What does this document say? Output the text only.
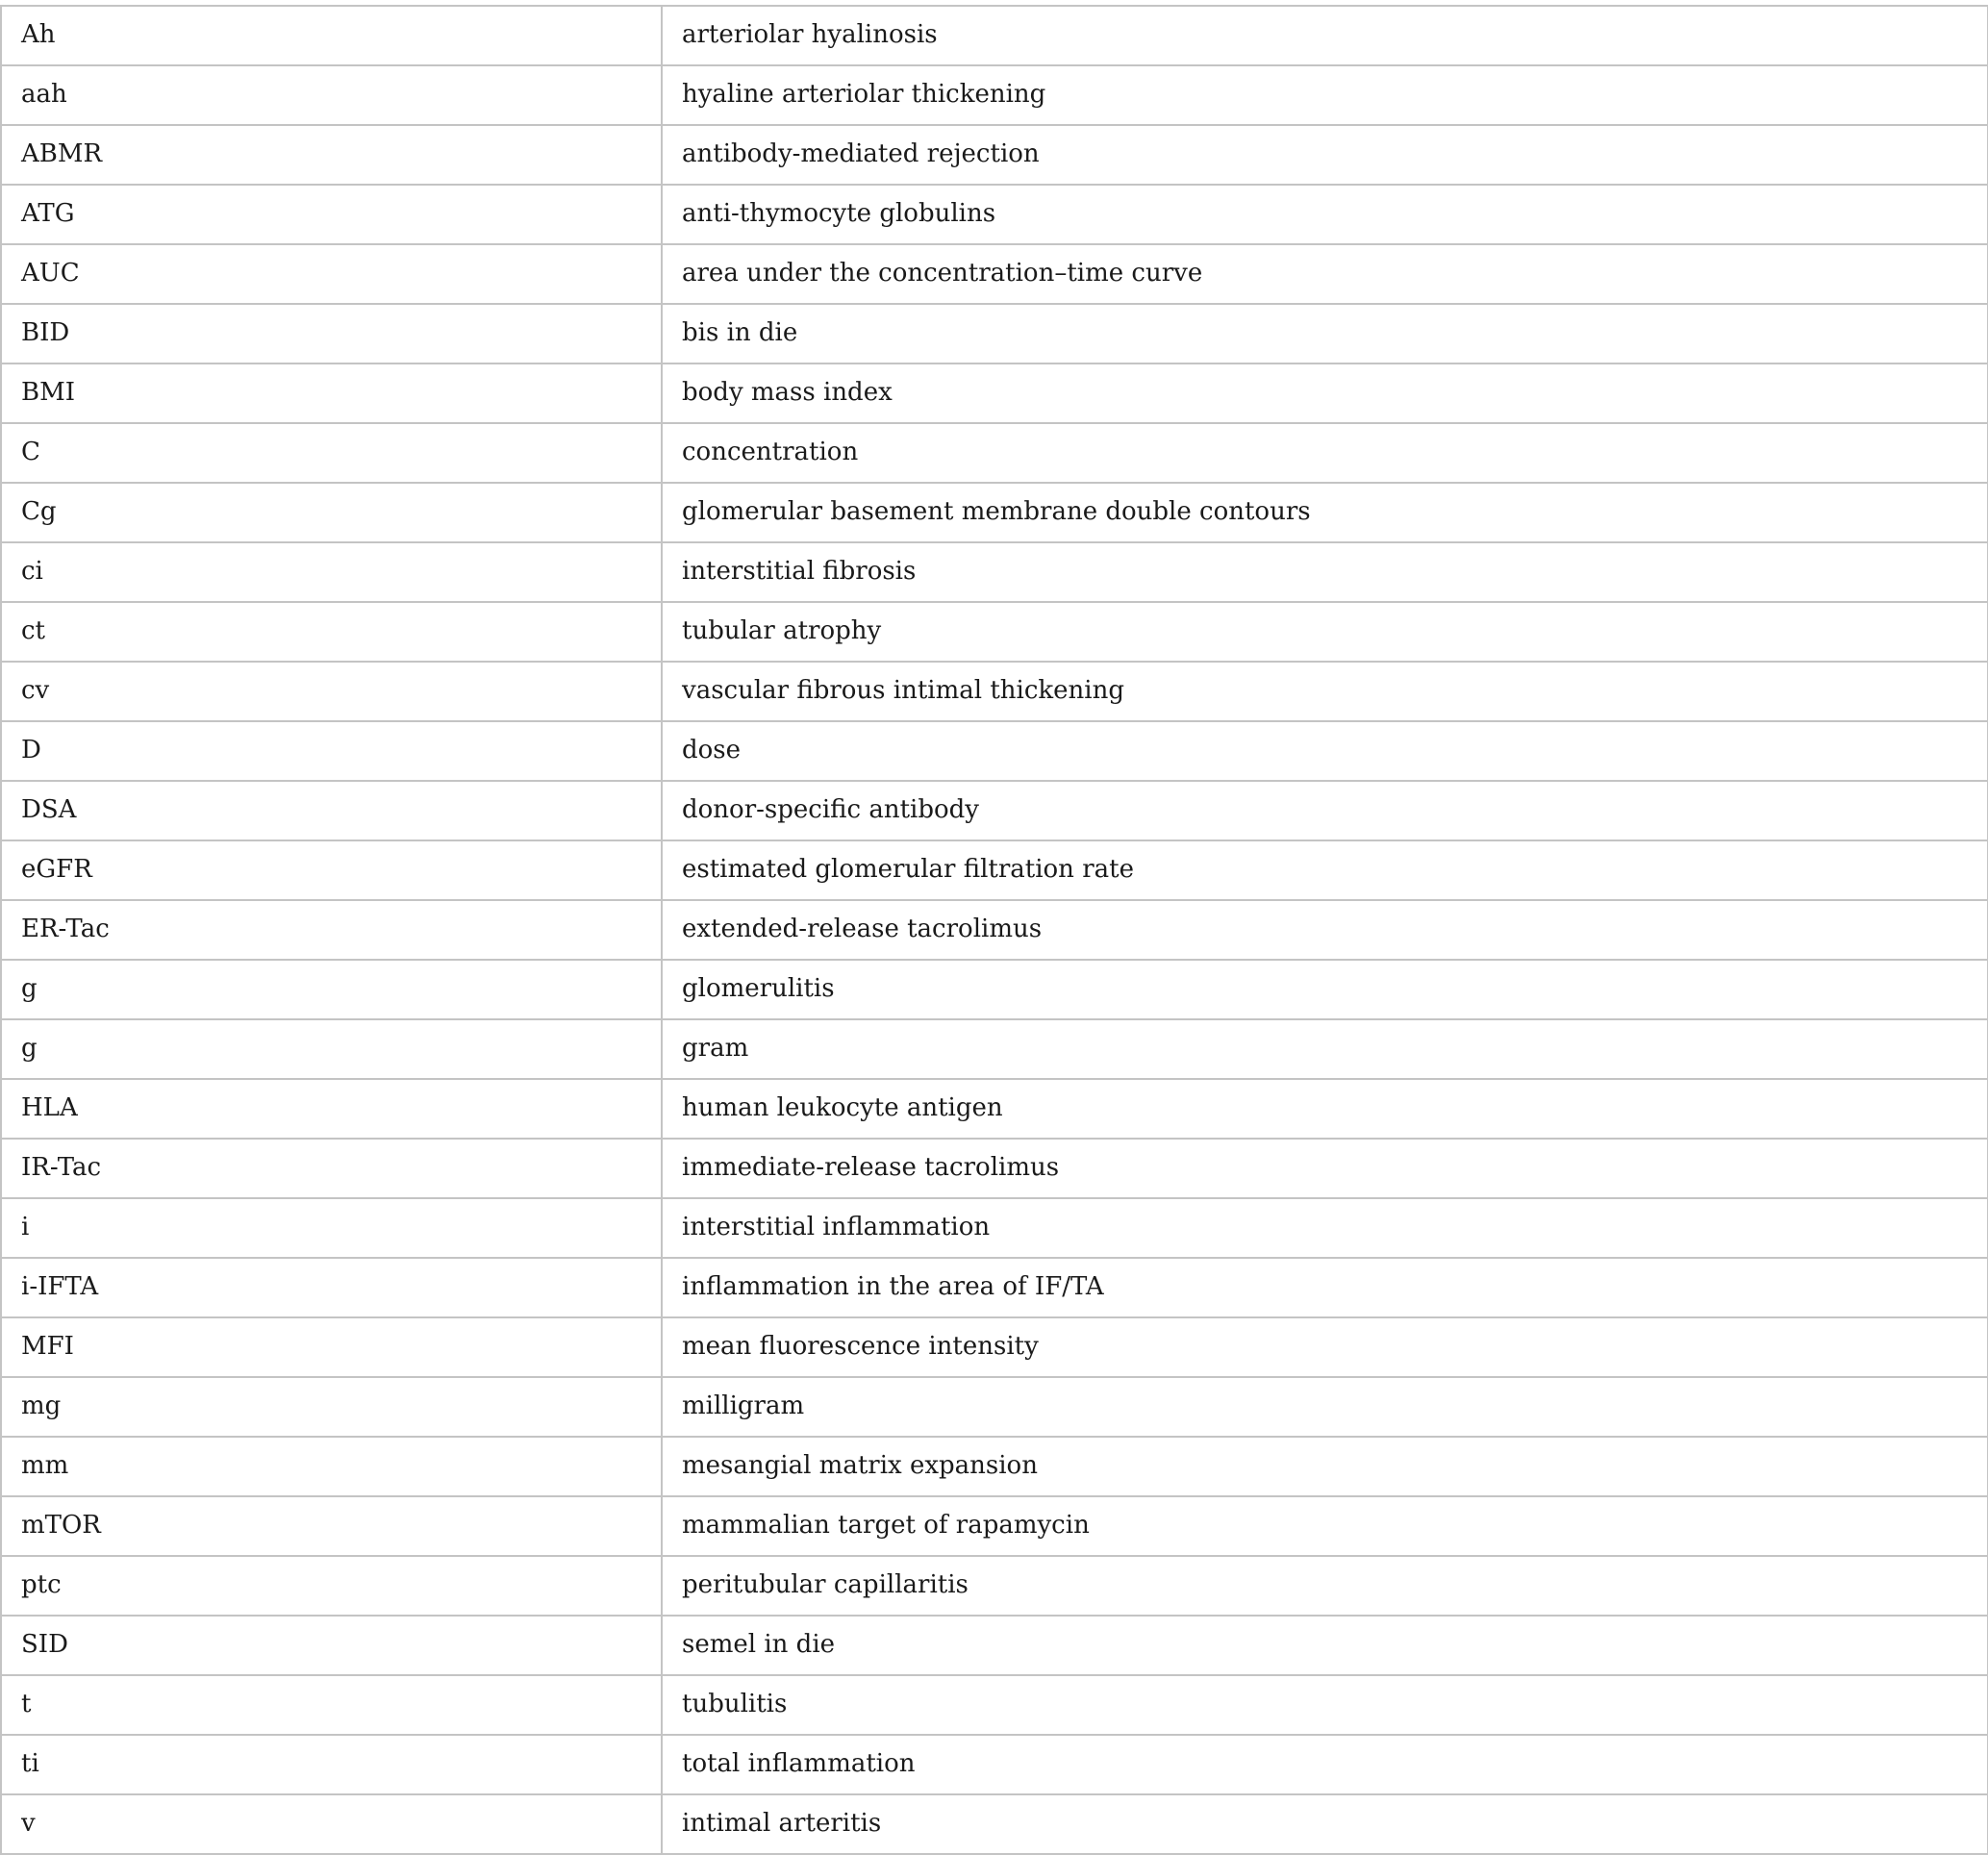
Ah	arteriolar hyalinosis
aah	hyaline arteriolar thickening
ABMR	antibody-mediated rejection
ATG	anti-thymocyte globulins
AUC	area under the concentration–time curve
BID	bis in die
BMI	body mass index
C	concentration
Cg	glomerular basement membrane double contours
ci	interstitial fibrosis
ct	tubular atrophy
cv	vascular fibrous intimal thickening
D	dose
DSA	donor-specific antibody
eGFR	estimated glomerular filtration rate
ER-Tac	extended-release tacrolimus
g	glomerulitis
g	gram
HLA	human leukocyte antigen
IR-Tac	immediate-release tacrolimus
i	interstitial inflammation
i-IFTA	inflammation in the area of IF/TA
MFI	mean fluorescence intensity
mg	milligram
mm	mesangial matrix expansion
mTOR	mammalian target of rapamycin
ptc	peritubular capillaritis
SID	semel in die
t	tubulitis
ti	total inflammation
v	intimal arteritis
